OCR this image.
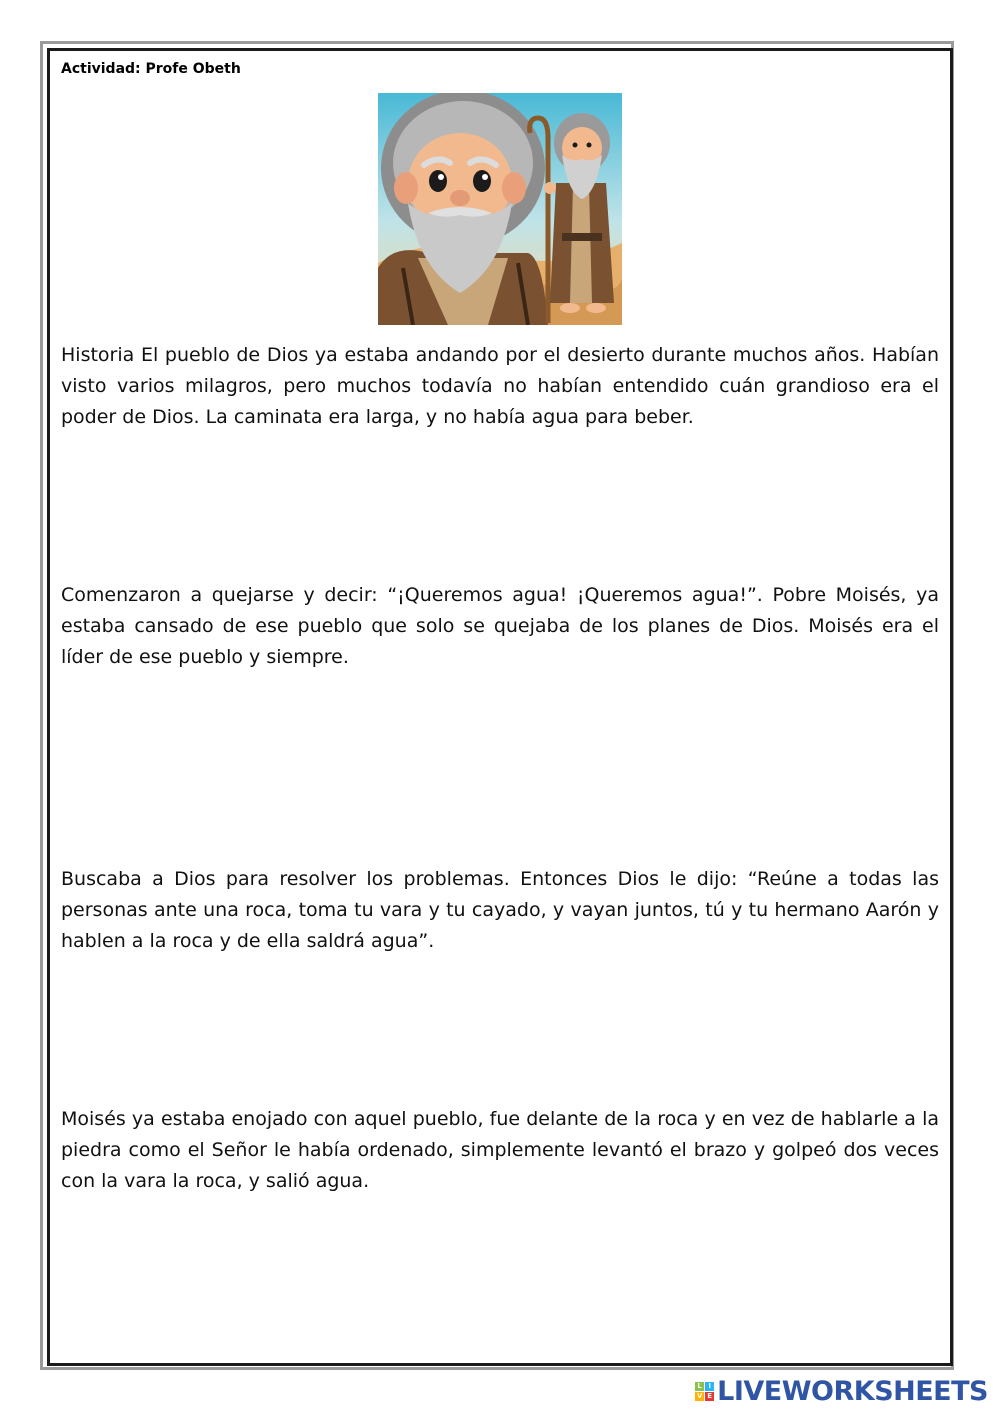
Actividad: Profe Obeth

Historia El pueblo de Dios ya estaba andando por el desierto durante muchos años. Habían visto varios milagros, pero muchos todavía no habían entendido cuán grandioso era el poder de Dios. La caminata era larga, y no había agua para beber.

Comenzaron a quejarse y decir: “¡Queremos agua! ¡Queremos agua!”. Pobre Moisés, ya estaba cansado de ese pueblo que solo se quejaba de los planes de Dios. Moisés era el líder de ese pueblo y siempre.

Buscaba a Dios para resolver los problemas. Entonces Dios le dijo: “Reúne a todas las personas ante una roca, toma tu vara y tu cayado, y vayan juntos, tú y tu hermano Aarón y hablen a la roca y de ella saldrá agua”.

Moisés ya estaba enojado con aquel pueblo, fue delante de la roca y en vez de hablarle a la piedra como el Señor le había ordenado, simplemente levantó el brazo y golpeó dos veces con la vara la roca, y salió agua.

L I
V E LIVEWORKSHEETS
